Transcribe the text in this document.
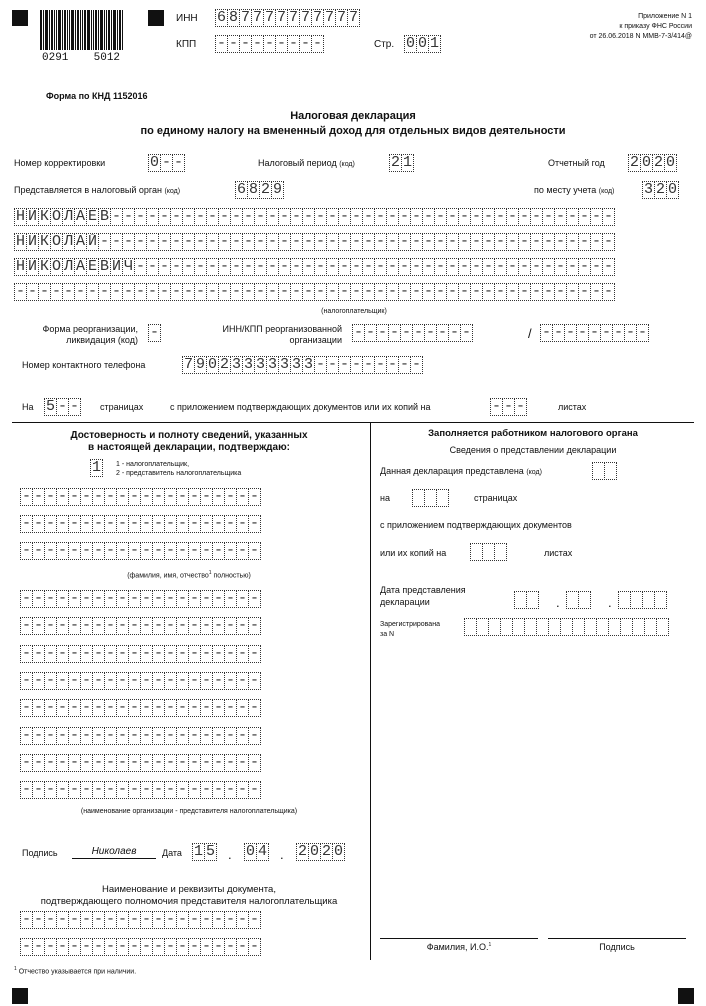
0291 5012
ИНН 6 8 7 7 7 7 7 7 7 7 7 7
КПП - - - - - - - - -	Стр. 0 0 1
Приложение N 1
к приказу ФНС России
от 26.06.2018 N ММВ-7-3/414@
Форма по КНД 1152016
Налоговая декларация
по единому налогу на вмененный доход для отдельных видов деятельности
Номер корректировки	0 - -	Налоговый период (код) 2 1	Отчетный год 2 0 2 0
Представляется в налоговый орган (код)	6 8 2 9	по месту учета (код) 3 2 0
Н И К О Л А Е В - - - - - - - - - - - - - - - - - - - - - - - - - - - - - - - - - - - - - - - - - -
Н И К О Л А Й - - - - - - - - - - - - - - - - - - - - - - - - - - - - - - - - - - - - - - - - - - -
Н И К О Л А Е В И Ч - - - - - - - - - - - - - - - - - - - - - - - - - - - - - - - - - - - - - - - -
- - - - - - - - - - - - - - - - - - - - - - - - - - - - - - - - - - - - - - - - - - - - - - - - - -
(налогоплательщик)
Форма реорганизации,
ликвидация (код) -	ИНН/КПП реорганизованной
организации - - - - - - - - - -	/ - - - - - - - - -
Номер контактного телефона	7 9 0 2 3 3 3 3 3 3 3 - - - - - - - - -
На 5 - - страницах	с приложением подтверждающих документов или их копий на	- - -	листах
Достоверность и полноту сведений, указанных
в настоящей декларации, подтверждаю:
1 1 - налогоплательщик,
2 - представитель налогоплательщика
- - - - - - - - - - - - - - - - - - - -
- - - - - - - - - - - - - - - - - - - -
- - - - - - - - - - - - - - - - - - - -
(фамилия, имя, отчество$^1$ полностью)
- - - - - - - - - - - - - - - - - - - -
- - - - - - - - - - - - - - - - - - - -
- - - - - - - - - - - - - - - - - - - -
- - - - - - - - - - - - - - - - - - - -
- - - - - - - - - - - - - - - - - - - -
- - - - - - - - - - - - - - - - - - - -
- - - - - - - - - - - - - - - - - - - -
- - - - - - - - - - - - - - - - - - - -
(наименование организации - представителя налогоплательщика)
Подпись	Николаев	Дата 1 5 . 0 4 . 2 0 2 0
Наименование и реквизиты документа,
подтверждающего полномочия представителя налогоплательщика
- - - - - - - - - - - - - - - - - - - -
- - - - - - - - - - - - - - - - - - - -
$^1$ Отчество указывается при наличии.
Заполняется работником налогового органа
Сведения о представлении декларации
Данная декларация представлена (код)
на	страницах
с приложением подтверждающих документов
или их копий на	листах
Дата представления
декларации	.	.
Зарегистрирована
за N
Фамилия, И.О.$^1$	Подпись
